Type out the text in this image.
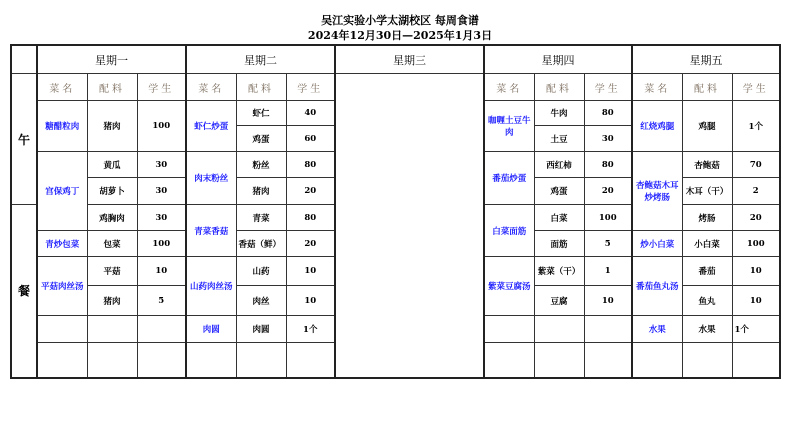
吴江实验小学太湖校区 每周食谱
2024年12月30日—2025年1月3日
	星期一			星期二			星期三	星期四			星期五		
午	菜名	配料	学生	菜名	配料	学生		菜名	配料	学生	菜名	配料	学生
	糖醋粒肉	猪肉	100	虾仁炒蛋	虾仁	40		咖喱土豆牛肉	牛肉	80	红烧鸡腿	鸡腿	1个
					鸡蛋	60			土豆	30			
	宫保鸡丁	黄瓜	30	肉末粉丝	粉丝	80		番茄炒蛋	西红柿	80	杏鲍菇木耳炒烤肠	杏鲍菇	70
		胡萝卜	30		猪肉	20			鸡蛋	20		木耳（干）	2
餐		鸡胸肉	30	青菜香菇	青菜	80		白菜面筋	白菜	100		烤肠	20
	青炒包菜	包菜	100		香菇（鲜）	20			面筋	5	炒小白菜	小白菜	100
	平菇肉丝汤	平菇	10	山药肉丝汤	山药	10		紫菜豆腐汤	紫菜（干）	1	番茄鱼丸汤	番茄	10
		猪肉	5		肉丝	10			豆腐	10		鱼丸	10
				肉圆	肉圆	1个					水果	水果	1个
